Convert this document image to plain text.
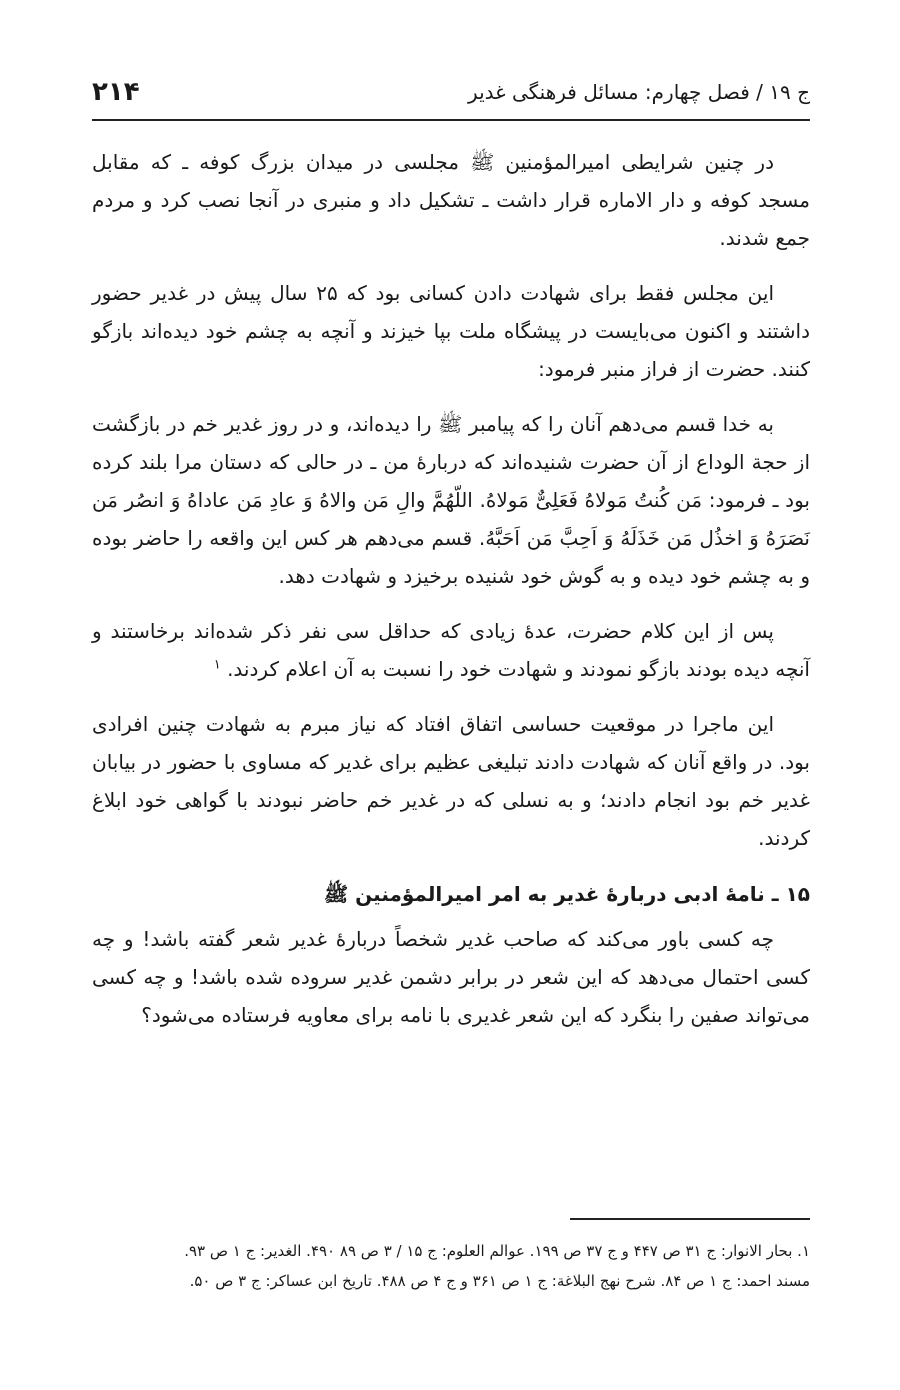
ج ۱۹ / فصل چهارم: مسائل فرهنگی غدیر
۲۱۴

در چنین شرایطی امیرالمؤمنین ﷺ مجلسی در میدان بزرگ کوفه ـ که مقابل مسجد کوفه و دار الاماره قرار داشت ـ تشکیل داد و منبری در آنجا نصب کرد و مردم جمع شدند.

این مجلس فقط برای شهادت دادن کسانی بود که ۲۵ سال پیش در غدیر حضور داشتند و اکنون می‌بایست در پیشگاه ملت بپا خیزند و آنچه به چشم خود دیده‌اند بازگو کنند. حضرت از فراز منبر فرمود:

به خدا قسم می‌دهم آنان را که پیامبر ﷺ را دیده‌اند، و در روز غدیر خم در بازگشت از حجة الوداع از آن حضرت شنیده‌اند که دربارهٔ من ـ در حالی که دستان مرا بلند کرده بود ـ فرمود: مَن کُنتُ مَولاهُ فَعَلِیٌّ مَولاهُ. اللّهُمَّ والِ مَن والاهُ وَ عادِ مَن عاداهُ وَ انصُر مَن نَصَرَهُ وَ اخذُل مَن خَذَلَهُ وَ اَحِبَّ مَن اَحَبَّهُ. قسم می‌دهم هر کس این واقعه را حاضر بوده و به چشم خود دیده و به گوش خود شنیده برخیزد و شهادت دهد.

پس از این کلام حضرت، عدهٔ زیادی که حداقل سی نفر ذکر شده‌اند برخاستند و آنچه دیده بودند بازگو نمودند و شهادت خود را نسبت به آن اعلام کردند. $^۱$

این ماجرا در موقعیت حساسی اتفاق افتاد که نیاز مبرم به شهادت چنین افرادی بود. در واقع آنان که شهادت دادند تبلیغی عظیم برای غدیر که مساوی با حضور در بیابان غدیر خم بود انجام دادند؛ و به نسلی که در غدیر خم حاضر نبودند با گواهی خود ابلاغ کردند.

۱۵ ـ نامهٔ ادبی دربارهٔ غدیر به امر امیرالمؤمنین ﷺ

چه کسی باور می‌کند که صاحب غدیر شخصاً دربارهٔ غدیر شعر گفته باشد! و چه کسی احتمال می‌دهد که این شعر در برابر دشمن غدیر سروده شده باشد! و چه کسی می‌تواند صفین را بنگرد که این شعر غدیری با نامه برای معاویه فرستاده می‌شود؟

۱. بحار الانوار: ج ۳۱ ص ۴۴۷ و ج ۳۷ ص ۱۹۹. عوالم العلوم: ج ۱۵ / ۳ ص ۸۹ ۴۹۰. الغدیر: ج ۱ ص ۹۳.
مسند احمد: ج ۱ ص ۸۴. شرح نهج البلاغة: ج ۱ ص ۳۶۱ و ج ۴ ص ۴۸۸. تاریخ ابن عساکر: ج ۳ ص ۵۰.
